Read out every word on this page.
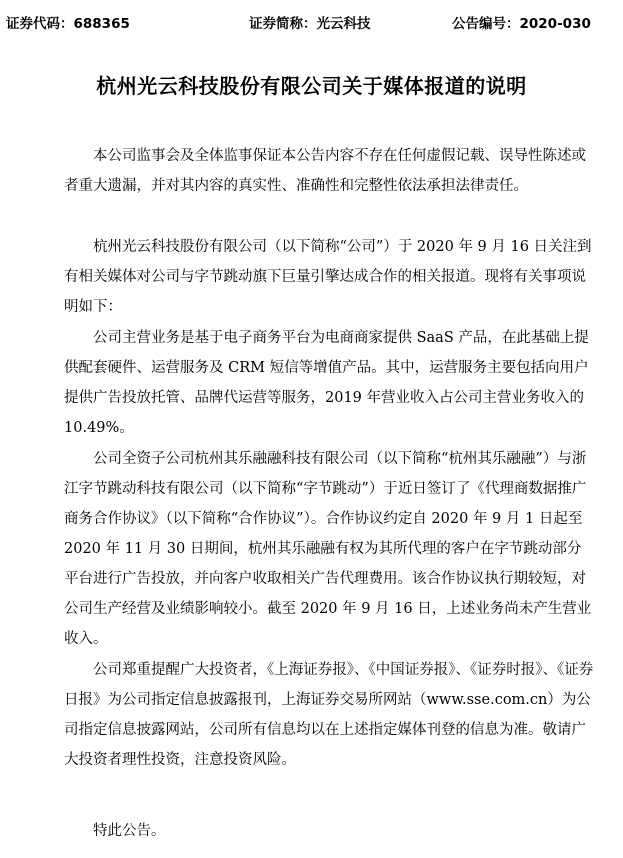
证券代码：688365	证券简称：光云科技	公告编号：2020-030
杭州光云科技股份有限公司关于媒体报道的说明

本公司监事会及全体监事保证本公告内容不存在任何虚假记载、误导性陈述或者重大遗漏，并对其内容的真实性、准确性和完整性依法承担法律责任。

杭州光云科技股份有限公司（以下简称“公司”）于 2020 年 9 月 16 日关注到有相关媒体对公司与字节跳动旗下巨量引擎达成合作的相关报道。现将有关事项说明如下：

公司主营业务是基于电子商务平台为电商商家提供 SaaS 产品，在此基础上提供配套硬件、运营服务及 CRM 短信等增值产品。其中，运营服务主要包括向用户提供广告投放托管、品牌代运营等服务，2019 年营业收入占公司主营业务收入的 10.49%。

公司全资子公司杭州其乐融融科技有限公司（以下简称“杭州其乐融融”）与浙江字节跳动科技有限公司（以下简称“字节跳动”）于近日签订了《代理商数据推广商务合作协议》（以下简称“合作协议”）。合作协议约定自 2020 年 9 月 1 日起至 2020 年 11 月 30 日期间，杭州其乐融融有权为其所代理的客户在字节跳动部分平台进行广告投放，并向客户收取相关广告代理费用。该合作协议执行期较短，对公司生产经营及业绩影响较小。截至 2020 年 9 月 16 日，上述业务尚未产生营业收入。

公司郑重提醒广大投资者，《上海证券报》、《中国证券报》、《证券时报》、《证券日报》为公司指定信息披露报刊，上海证券交易所网站（www.sse.com.cn）为公司指定信息披露网站，公司所有信息均以在上述指定媒体刊登的信息为准。敬请广大投资者理性投资，注意投资风险。

特此公告。
